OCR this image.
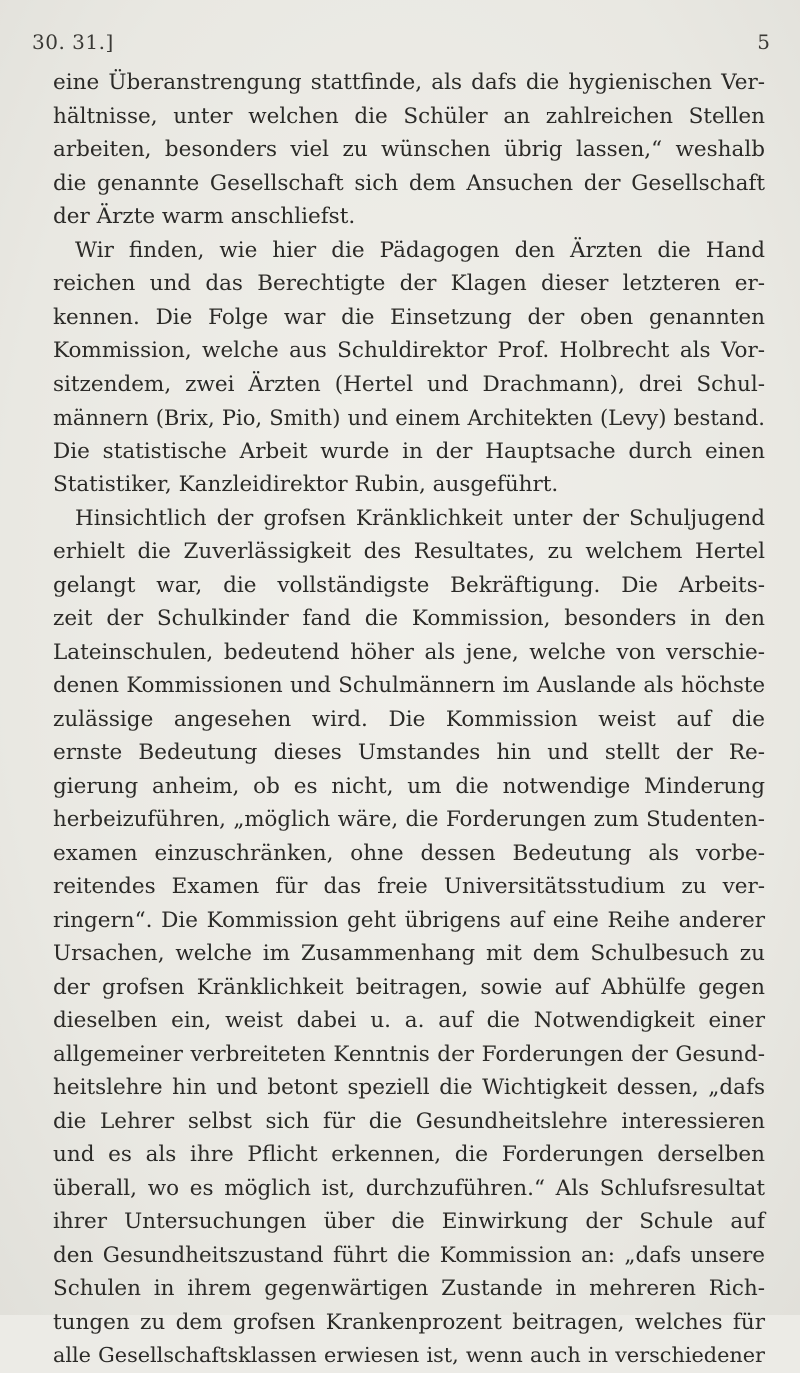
30. 31.]	5
eine Überanstrengung stattfinde, als dafs die hygienischen Ver-
hältnisse, unter welchen die Schüler an zahlreichen Stellen
arbeiten, besonders viel zu wünschen übrig lassen,“ weshalb
die genannte Gesellschaft sich dem Ansuchen der Gesellschaft
der Ärzte warm anschliefst.
Wir finden, wie hier die Pädagogen den Ärzten die Hand
reichen und das Berechtigte der Klagen dieser letzteren er-
kennen. Die Folge war die Einsetzung der oben genannten
Kommission, welche aus Schuldirektor Prof. Holbrecht als Vor-
sitzendem, zwei Ärzten (Hertel und Drachmann), drei Schul-
männern (Brix, Pio, Smith) und einem Architekten (Levy) bestand.
Die statistische Arbeit wurde in der Hauptsache durch einen
Statistiker, Kanzleidirektor Rubin, ausgeführt.
Hinsichtlich der grofsen Kränklichkeit unter der Schuljugend
erhielt die Zuverlässigkeit des Resultates, zu welchem Hertel
gelangt war, die vollständigste Bekräftigung. Die Arbeits-
zeit der Schulkinder fand die Kommission, besonders in den
Lateinschulen, bedeutend höher als jene, welche von verschie-
denen Kommissionen und Schulmännern im Auslande als höchste
zulässige angesehen wird. Die Kommission weist auf die
ernste Bedeutung dieses Umstandes hin und stellt der Re-
gierung anheim, ob es nicht, um die notwendige Minderung
herbeizuführen, „möglich wäre, die Forderungen zum Studenten-
examen einzuschränken, ohne dessen Bedeutung als vorbe-
reitendes Examen für das freie Universitätsstudium zu ver-
ringern“. Die Kommission geht übrigens auf eine Reihe anderer
Ursachen, welche im Zusammenhang mit dem Schulbesuch zu
der grofsen Kränklichkeit beitragen, sowie auf Abhülfe gegen
dieselben ein, weist dabei u. a. auf die Notwendigkeit einer
allgemeiner verbreiteten Kenntnis der Forderungen der Gesund-
heitslehre hin und betont speziell die Wichtigkeit dessen, „dafs
die Lehrer selbst sich für die Gesundheitslehre interessieren
und es als ihre Pflicht erkennen, die Forderungen derselben
überall, wo es möglich ist, durchzuführen.“ Als Schlufsresultat
ihrer Untersuchungen über die Einwirkung der Schule auf
den Gesundheitszustand führt die Kommission an: „dafs unsere
Schulen in ihrem gegenwärtigen Zustande in mehreren Rich-
tungen zu dem grofsen Krankenprozent beitragen, welches für
alle Gesellschaftsklassen erwiesen ist, wenn auch in verschiedener
